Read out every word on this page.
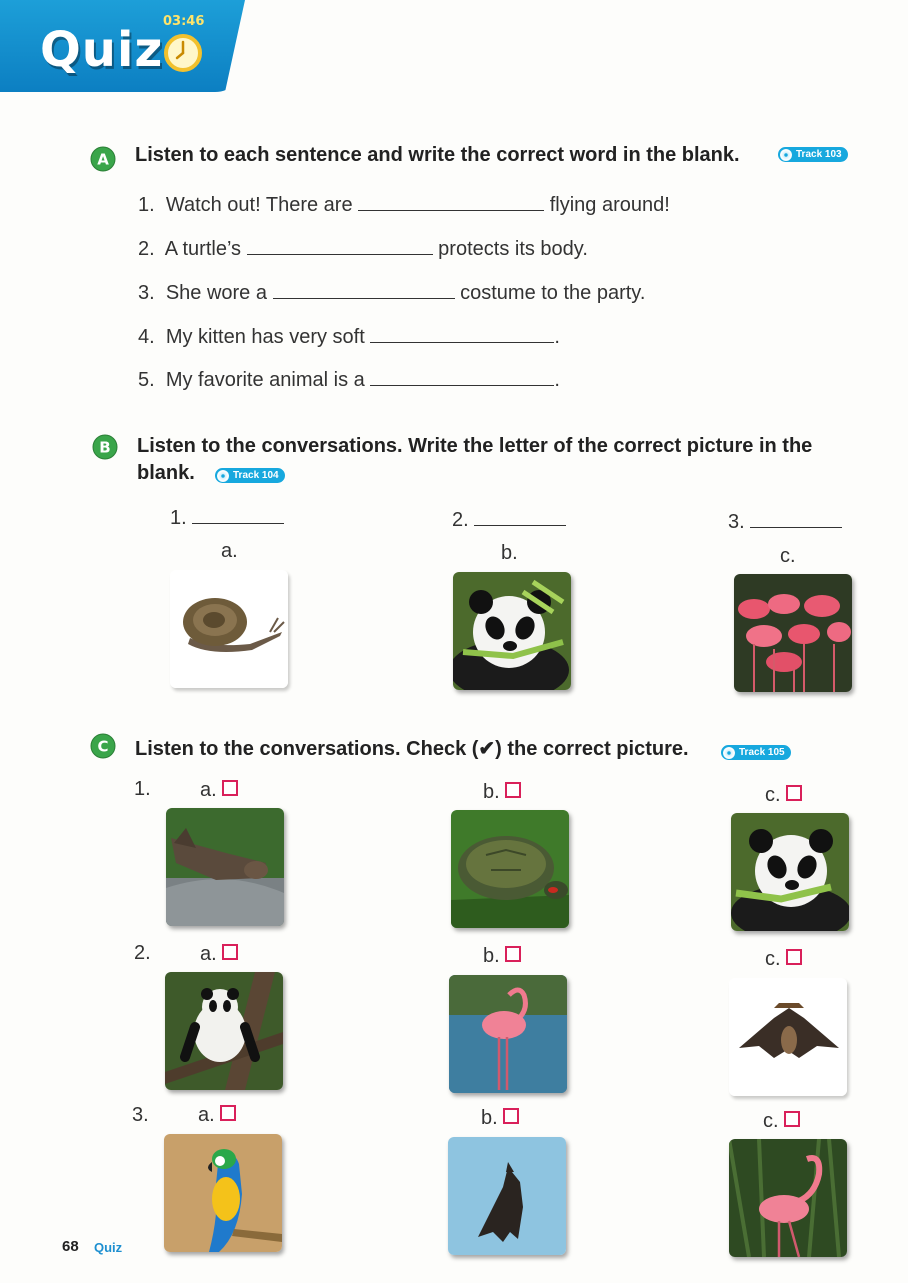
Quiz
03:46
A Listen to each sentence and write the correct word in the blank.	Track 103
1. Watch out! There are	flying around!
2. A turtle’s	protects its body.
3. She wore a	costume to the party.
4. My kitten has very soft	.
5. My favorite animal is a	.
B Listen to the conversations. Write the letter of the correct picture in the
blank.	Track 104
1.	2.	3.
a.	b.	c.
C Listen to the conversations. Check (✔) the correct picture.	Track 105
1. a.	b.	c.
2. a.	b.	c.
3. a.	b.	c.
68 Quiz
